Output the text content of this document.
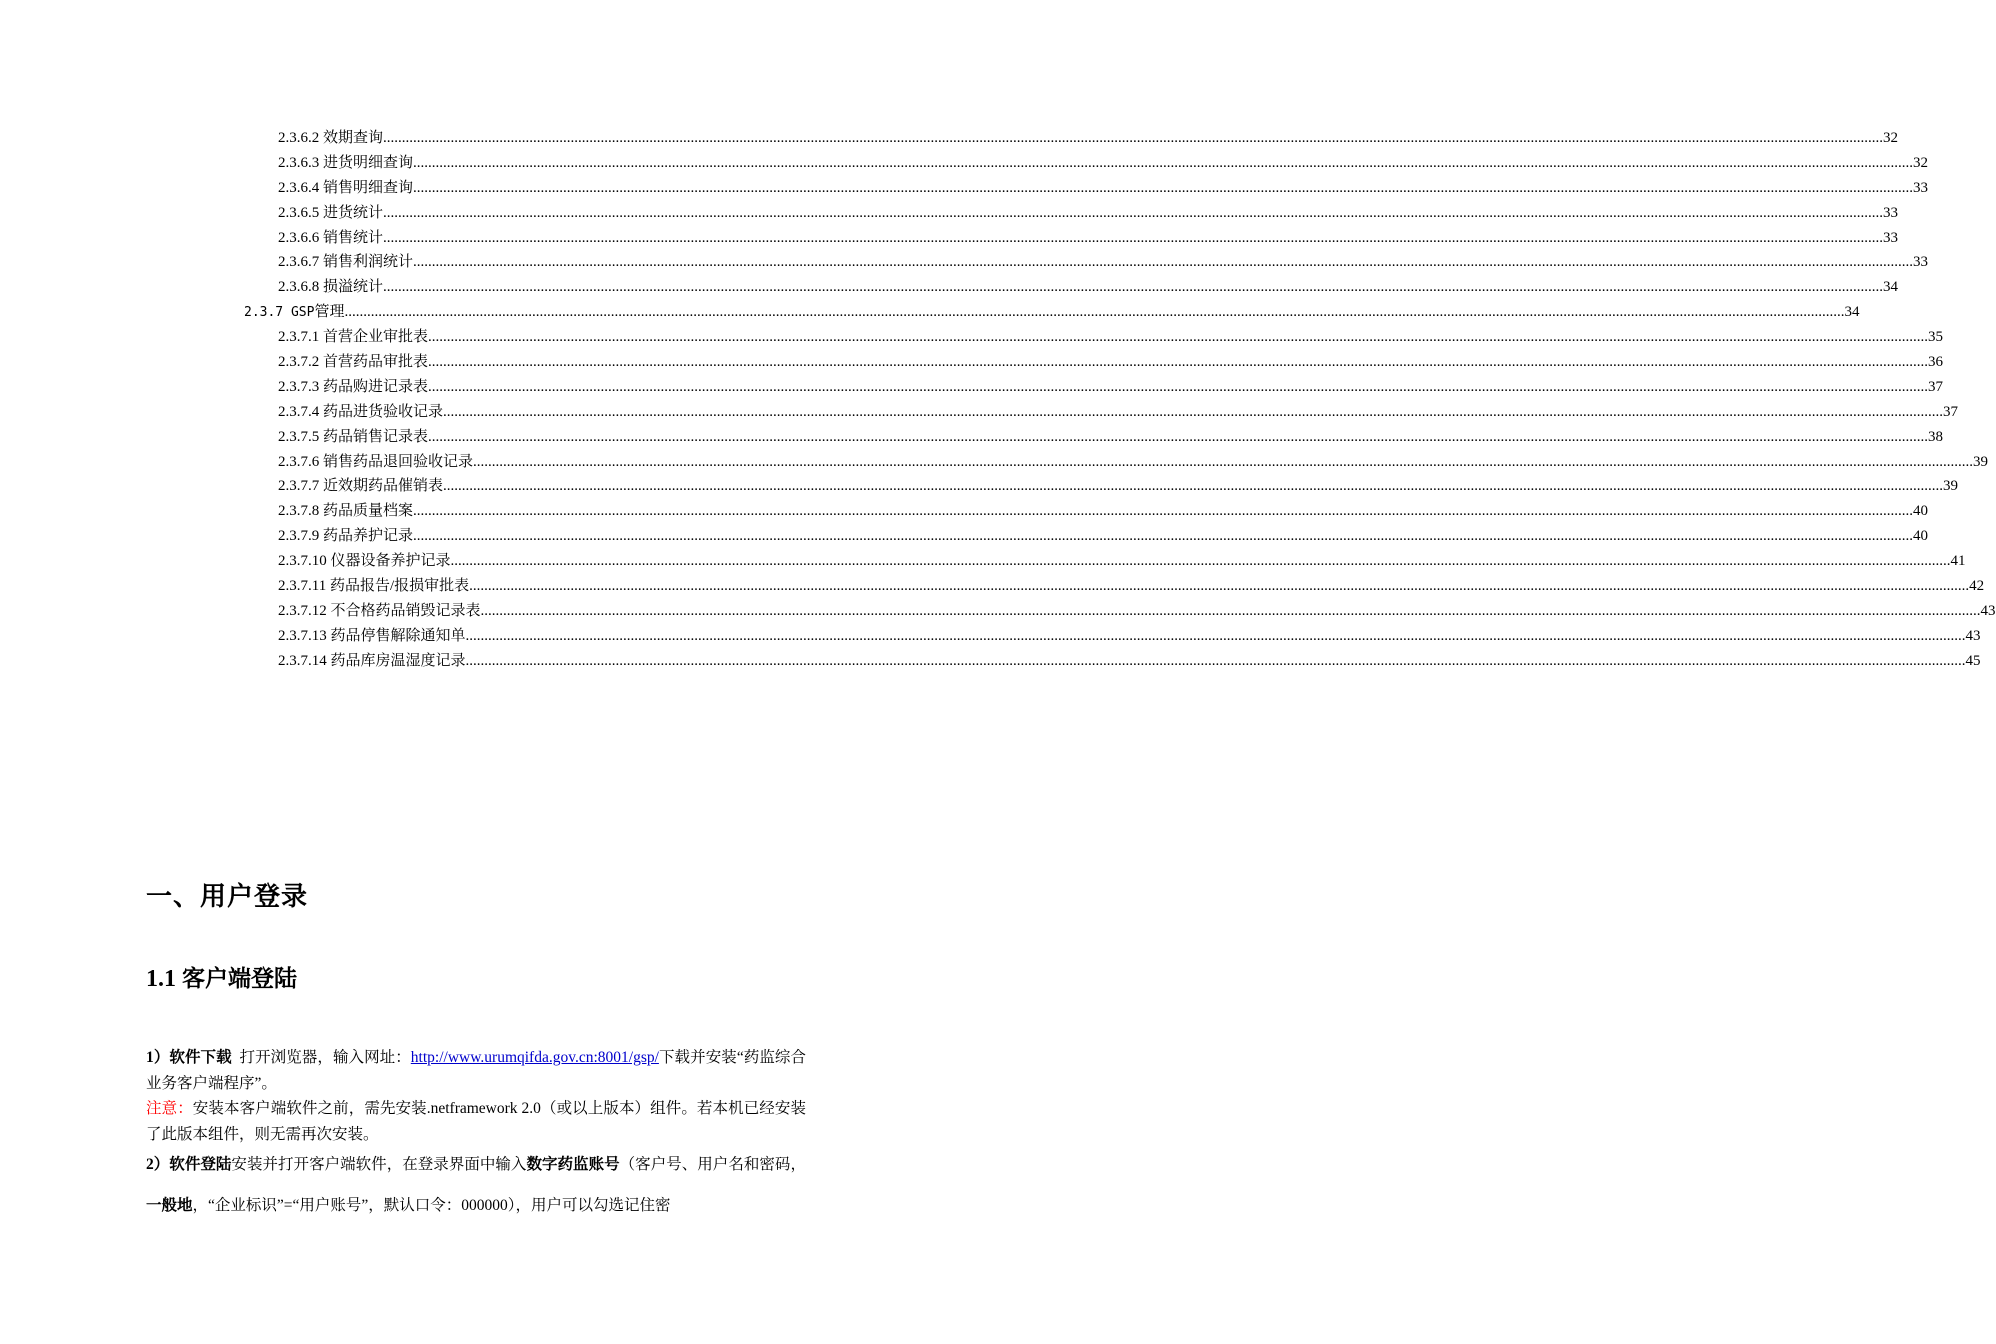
2.3.6.2 效期查询 ................................................................................................................................................................................................................................................................................................................................................................................................................ 32
2.3.6.3 进货明细查询 ................................................................................................................................................................................................................................................................................................................................................................................................................ 32
2.3.6.4 销售明细查询 ................................................................................................................................................................................................................................................................................................................................................................................................................ 33
2.3.6.5 进货统计 ................................................................................................................................................................................................................................................................................................................................................................................................................ 33
2.3.6.6 销售统计 ................................................................................................................................................................................................................................................................................................................................................................................................................ 33
2.3.6.7 销售利润统计 ................................................................................................................................................................................................................................................................................................................................................................................................................ 33
2.3.6.8 损溢统计 ................................................................................................................................................................................................................................................................................................................................................................................................................ 34
2.3.7 GSP管理 ................................................................................................................................................................................................................................................................................................................................................................................................................ 34
2.3.7.1 首营企业审批表 ................................................................................................................................................................................................................................................................................................................................................................................................................ 35
2.3.7.2 首营药品审批表 ................................................................................................................................................................................................................................................................................................................................................................................................................ 36
2.3.7.3 药品购进记录表 ................................................................................................................................................................................................................................................................................................................................................................................................................ 37
2.3.7.4 药品进货验收记录 ................................................................................................................................................................................................................................................................................................................................................................................................................ 37
2.3.7.5 药品销售记录表 ................................................................................................................................................................................................................................................................................................................................................................................................................ 38
2.3.7.6 销售药品退回验收记录 ................................................................................................................................................................................................................................................................................................................................................................................................................ 39
2.3.7.7 近效期药品催销表 ................................................................................................................................................................................................................................................................................................................................................................................................................ 39
2.3.7.8 药品质量档案 ................................................................................................................................................................................................................................................................................................................................................................................................................ 40
2.3.7.9 药品养护记录 ................................................................................................................................................................................................................................................................................................................................................................................................................ 40
2.3.7.10 仪器设备养护记录 ................................................................................................................................................................................................................................................................................................................................................................................................................ 41
2.3.7.11 药品报告/报损审批表 ................................................................................................................................................................................................................................................................................................................................................................................................................ 42
2.3.7.12 不合格药品销毁记录表 ................................................................................................................................................................................................................................................................................................................................................................................................................ 43
2.3.7.13 药品停售解除通知单 ................................................................................................................................................................................................................................................................................................................................................................................................................ 43
2.3.7.14 药品库房温湿度记录 ................................................................................................................................................................................................................................................................................................................................................................................................................ 45
一、用户登录
1.1 客户端登陆
1）软件下载  打开浏览器，输入网址：http://www.urumqifda.gov.cn:8001/gsp/下载并安装“药监综合业务客户端程序”。
注意：安装本客户端软件之前，需先安装.netframework 2.0（或以上版本）组件。若本机已经安装了此版本组件，则无需再次安装。
2）软件登陆安装并打开客户端软件，在登录界面中输入数字药监账号（客户号、用户名和密码，一般地，“企业标识”=“用户账号”，默认口令：000000），用户可以勾选记住密
